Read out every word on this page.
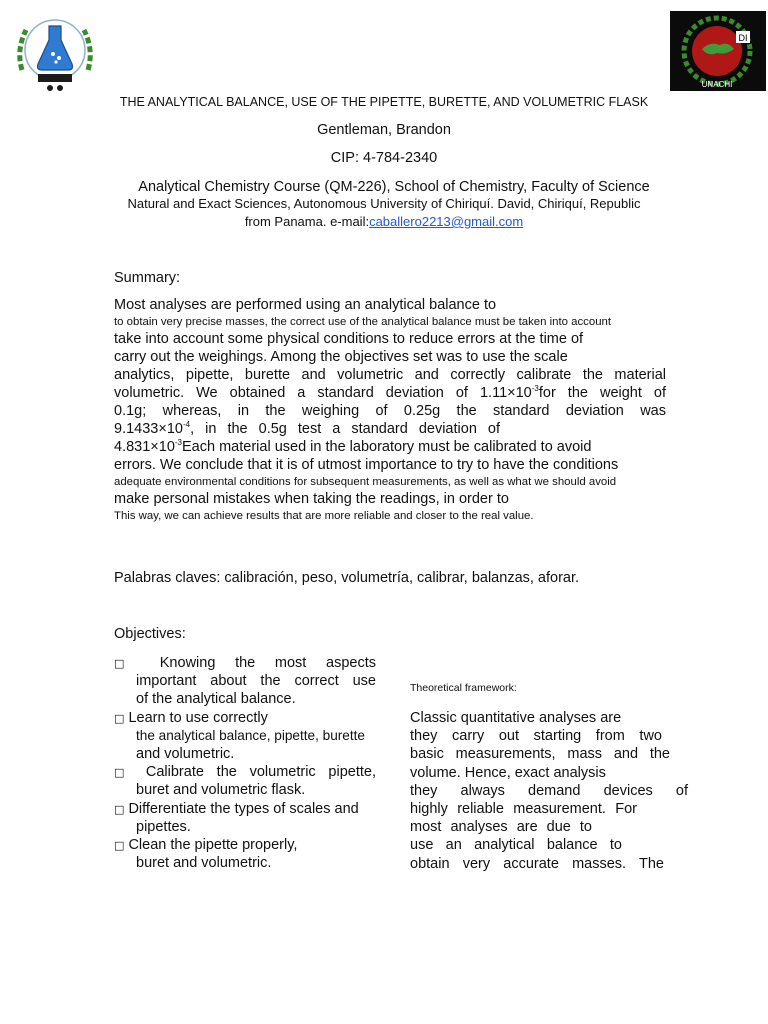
DI
UNACHI
THE ANALYTICAL BALANCE, USE OF THE PIPETTE, BURETTE, AND VOLUMETRIC FLASK
Gentleman, Brandon
CIP: 4-784-2340
Analytical Chemistry Course (QM-226), School of Chemistry, Faculty of Science
Natural and Exact Sciences, Autonomous University of Chiriquí. David, Chiriquí, Republic
from Panama. e-mail:caballero2213@gmail.com
Summary:
Most analyses are performed using an analytical balance to
to obtain very precise masses, the correct use of the analytical balance must be taken into account
take into account some physical conditions to reduce errors at the time of
carry out the weighings. Among the objectives set was to use the scale
analytics, pipette, burette and volumetric and correctly calibrate the material
volumetric. We obtained a standard deviation of $1.11\times 10^{-3}for$ the weight of
0.1g; whereas, in the weighing of 0.25g the standard deviation was
$9.1433\times 10^{-4}$, in the 0.5g test a standard deviation of
$4.831\times 10^{-3}Each$ material used in the laboratory must be calibrated to avoid
errors. We conclude that it is of utmost importance to try to have the conditions
adequate environmental conditions for subsequent measurements, as well as what we should avoid
make personal mistakes when taking the readings, in order to
This way, we can achieve results that are more reliable and closer to the real value.
Palabras claves: calibración, peso, volumetría, calibrar, balanzas, aforar.
Objectives:
□ Knowing the most aspects
important about the correct use
of the analytical balance.
□ Learn to use correctly
the analytical balance, pipette, burette
and volumetric.
□ Calibrate the volumetric pipette,
buret and volumetric flask.
□ Differentiate the types of scales and
pipettes.
□ Clean the pipette properly,
buret and volumetric.
Theoretical framework:
Classic quantitative analyses are
they carry out starting from two
basic measurements, mass and the
volume. Hence, exact analysis
they always demand devices of
highly reliable measurement. For
most analyses are due to
use an analytical balance to
obtain very accurate masses. The
